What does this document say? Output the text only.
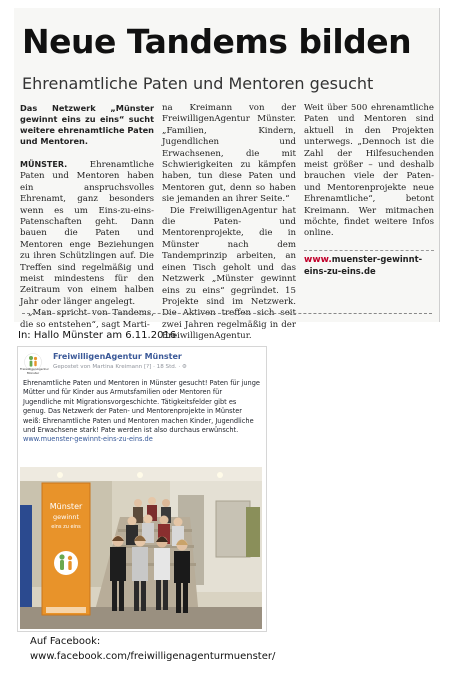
Neue Tandems bilden
Ehrenamtliche Paten und Mentoren gesucht

Das Netzwerk „Münster gewinnt eins zu eins“ sucht weitere ehrenamtliche Paten und Mentoren.

MÜNSTER.	Ehrenamtliche Paten und Mentoren haben ein anspruchsvolles Ehrenamt, ganz besonders wenn es um Eins-zu-eins-Patenschaften geht. Dann bauen die Paten und Mentoren enge Beziehungen zu ihren Schützlingen auf. Die Treffen sind regelmäßig und meist mindestens für den Zeitraum von einem halben Jahr oder länger angelegt.

„Man spricht von Tandems, die so entstehen“, sagt Marti-

na Kreimann von der FreiwilligenAgentur Münster. „Familien, Kindern, Jugendlichen und Erwachsenen, die mit Schwierigkeiten zu kämpfen haben, tun diese Paten und Mentoren gut, denn so haben sie jemanden an ihrer Seite.“

Die FreiwilligenAgentur hat die Paten- und Mentorenprojekte, die in Münster nach dem Tandemprinzip arbeiten, an einen Tisch geholt und das Netzwerk „Münster gewinnt eins zu eins“ gegründet. 15 Projekte sind im Netzwerk. Die Aktiven treffen sich seit zwei Jahren regelmäßig in der FreiwilligenAgentur.

Weit über 500 ehrenamtliche Paten und Mentoren sind aktuell in den Projekten unterwegs. „Dennoch ist die Zahl der Hilfesuchenden meist größer – und deshalb brauchen viele der Paten- und Mentorenprojekte neue Ehrenamtliche“, betont Kreimann. Wer mitmachen möchte, findet weitere Infos online.

www.muenster-gewinnt-eins-zu-eins.de
In: Hallo Münster am 6.11.2016
FreiwilligenAgentur Münster
FreiwilligenAgentur Münster
Gepostet von Martina Kreimann [?] · 18 Std. · ⚙
Ehrenamtliche Paten und Mentoren in Münster gesucht! Paten für junge Mütter und für Kinder aus Armutsfamilien oder Mentoren für Jugendliche mit Migrationsvorgeschichte. Tätigkeitsfelder gibt es genug. Das Netzwerk der Paten- und Mentorenprojekte in Münster weiß: Ehrenamtliche Paten und Mentoren machen Kinder, Jugendliche und Erwachsene stark! Pate werden ist also durchaus erwünscht. www.muenster-gewinnt-eins-zu-eins.de
Münster
gewinnt
eins zu eins
Auf Facebook:
www.facebook.com/freiwilligenagenturmuenster/
